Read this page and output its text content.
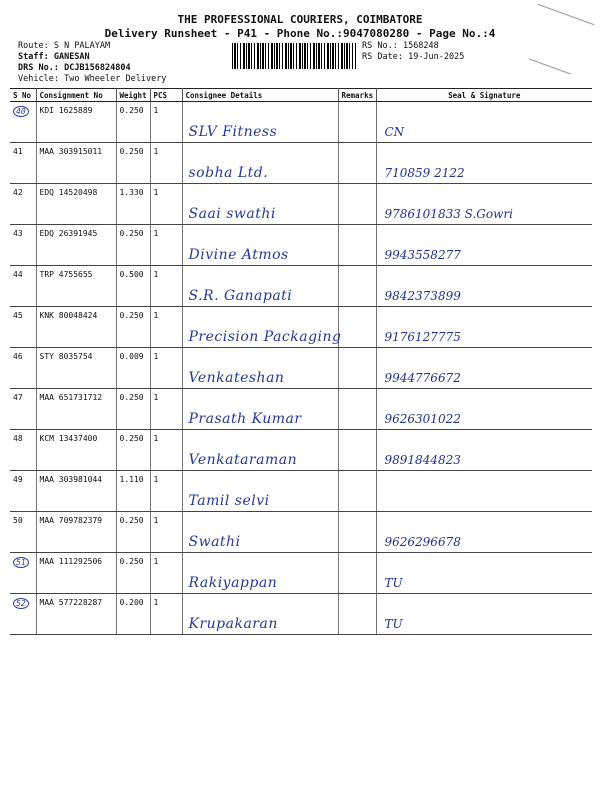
THE PROFESSIONAL COURIERS, COIMBATORE
Delivery Runsheet - P41 - Phone No.:9047080280 - Page No.:4
Route: S N PALAYAM
Staff: GANESAN
DRS No.: DCJB156824804
Vehicle: Two Wheeler Delivery
RS No.: 1568248
RS Date: 19-Jun-2025
S No	Consignment No	Weight	PCS	Consignee Details	Remarks	Seal & Signature
40	KDI 1625889	0.250	1	SLV Fitness		CN

41	MAA 303915011	0.250	1	sobha Ltd.		710859 2122

42	EDQ 14520498	1.330	1	Saai swathi		9786101833 S.Gowri

43	EDQ 26391945	0.250	1	Divine Atmos		9943558277

44	TRP 4755655	0.500	1	S.R. Ganapati		9842373899

45	KNK 80048424	0.250	1	Precision Packaging		9176127775

46	STY 8035754	0.009	1	Venkateshan		9944776672

47	MAA 651731712	0.250	1	Prasath Kumar		9626301022

48	KCM 13437400	0.250	1	Venkataraman		9891844823

49	MAA 303981044	1.110	1	Tamil selvi		

50	MAA 709782379	0.250	1	Swathi		9626296678

51	MAA 111292506	0.250	1	Rakiyappan		TU

52	MAA 577228287	0.200	1	Krupakaran		TU
